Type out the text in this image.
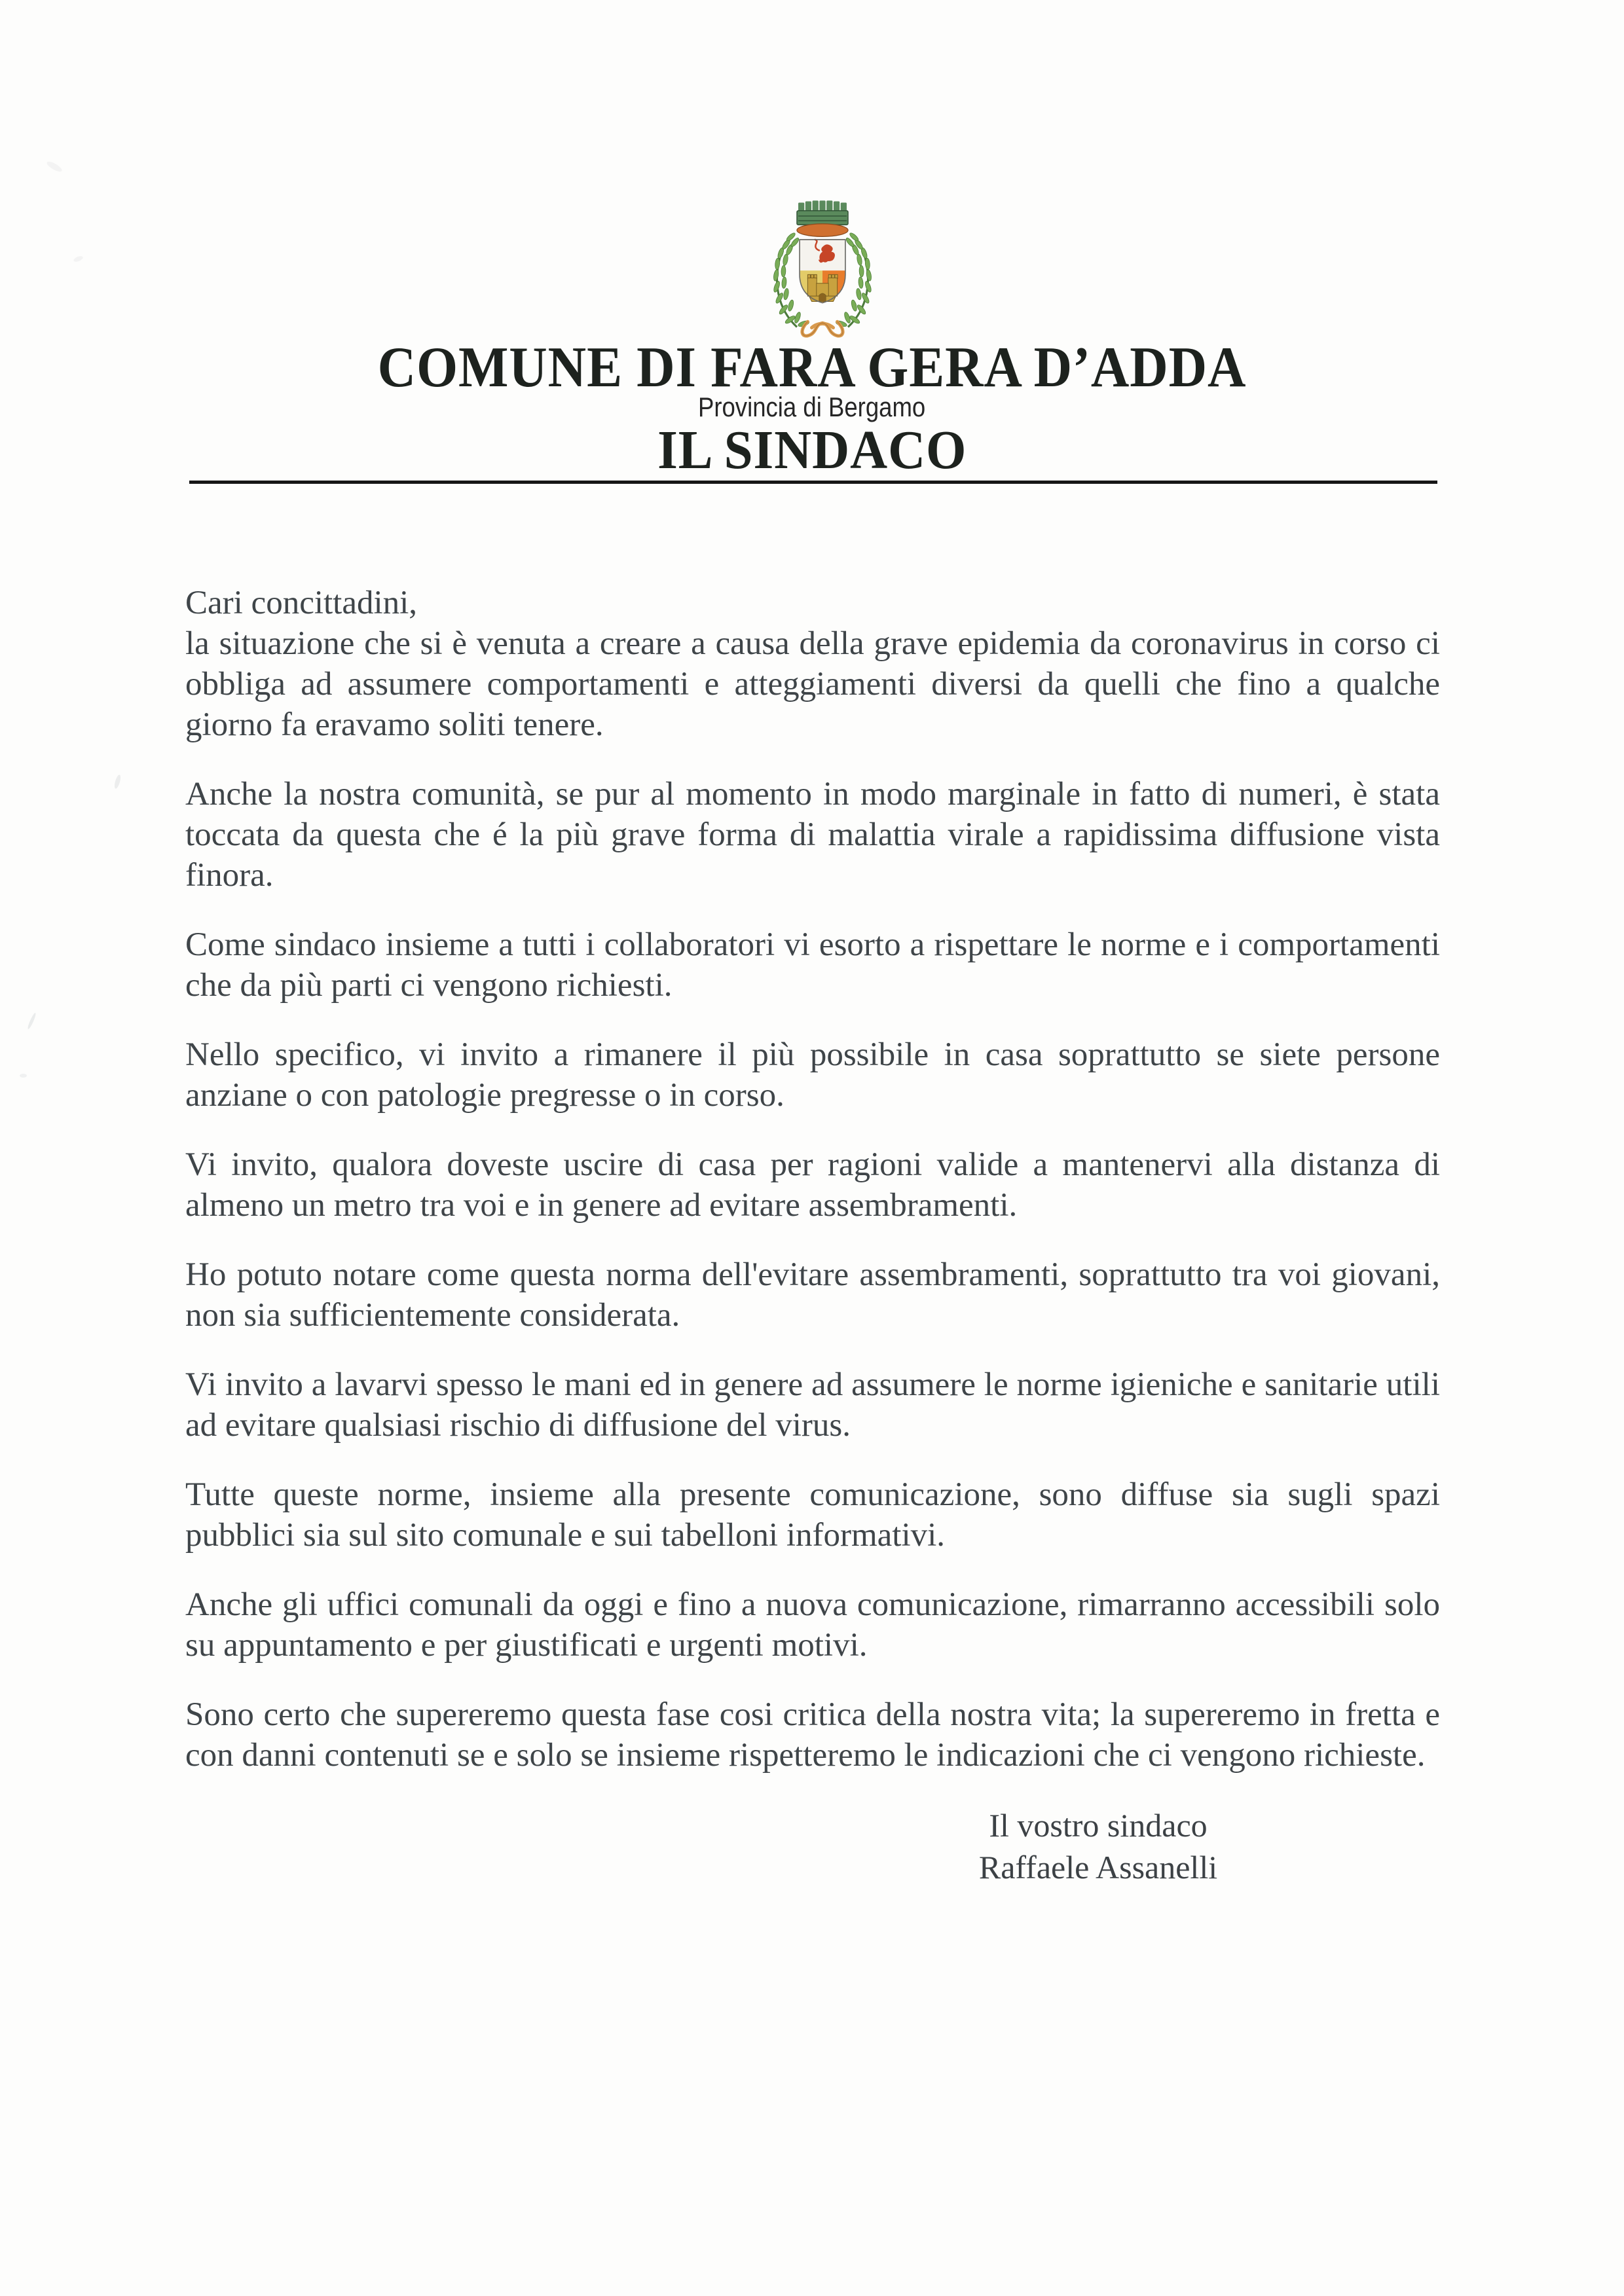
COMUNE DI FARA GERA D’ADDA
Provincia di Bergamo
IL SINDACO
Cari concittadini,
la situazione che si è venuta a creare a causa della grave epidemia da coronavirus in corso ci obbliga ad assumere comportamenti e atteggiamenti diversi da quelli che fino a qualche giorno fa eravamo soliti tenere.
Anche la nostra comunità, se pur al momento in modo marginale in fatto di numeri, è stata toccata da questa che é la più grave forma di malattia virale a rapidissima diffusione vista finora.
Come sindaco insieme a tutti i collaboratori vi esorto a rispettare le norme e i comportamenti che da più parti ci vengono richiesti.
Nello specifico, vi invito a rimanere il più possibile in casa soprattutto se siete persone anziane o con patologie pregresse o in corso.
Vi invito, qualora doveste uscire di casa per ragioni valide a mantenervi alla distanza di almeno un metro tra voi e in genere ad evitare assembramenti.
Ho potuto notare come questa norma dell'evitare assembramenti, soprattutto tra voi giovani, non sia sufficientemente considerata.
Vi invito a lavarvi spesso le mani ed in genere ad assumere le norme igieniche e sanitarie utili ad evitare qualsiasi rischio di diffusione del virus.
Tutte queste norme, insieme alla presente comunicazione, sono diffuse sia sugli spazi pubblici sia sul sito comunale e sui tabelloni informativi.
Anche gli uffici comunali da oggi e fino a nuova comunicazione, rimarranno accessibili solo su appuntamento e per giustificati e urgenti motivi.
Sono certo che supereremo questa fase cosi critica della nostra vita; la supereremo in fretta e con danni contenuti se e solo se insieme rispetteremo le indicazioni che ci vengono richieste.
Il vostro sindaco
Raffaele Assanelli
